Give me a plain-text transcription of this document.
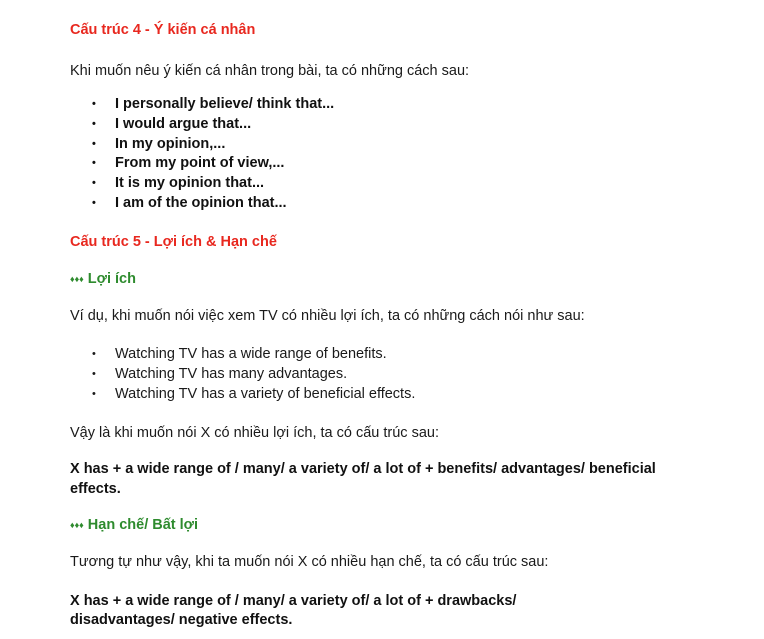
Cấu trúc 4 - Ý kiến cá nhân
Khi muốn nêu ý kiến cá nhân trong bài, ta có những cách sau:
• I personally believe/ think that...
• I would argue that...
• In my opinion,...
• From my point of view,...
• It is my opinion that...
• I am of the opinion that...
Cấu trúc 5 - Lợi ích & Hạn chế
♦♦♦ Lợi ích
Ví dụ, khi muốn nói việc xem TV có nhiều lợi ích, ta có những cách nói như sau:
• Watching TV has a wide range of benefits.
• Watching TV has many advantages.
• Watching TV has a variety of beneficial effects.
Vậy là khi muốn nói X có nhiều lợi ích, ta có cấu trúc sau:
X has + a wide range of / many/ a variety of/ a lot of + benefits/ advantages/ beneficial effects.
♦♦♦ Hạn chế/ Bất lợi
Tương tự như vậy, khi ta muốn nói X có nhiều hạn chế, ta có cấu trúc sau:
X has + a wide range of / many/ a variety of/ a lot of + drawbacks/
disadvantages/ negative effects.
